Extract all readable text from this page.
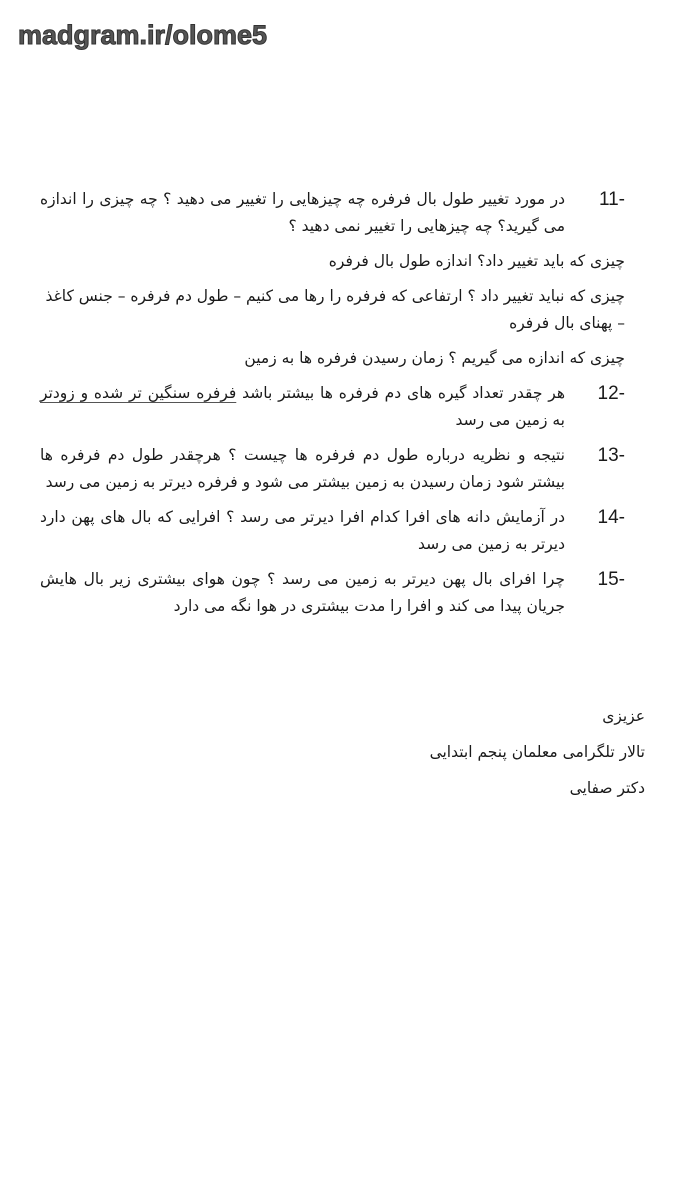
madgram.ir/olome5
11-
در مورد تغییر طول بال فرفره چه چیزهایی را تغییر می دهید ؟ چه چیزی را اندازه می گیرید؟ چه چیزهایی را تغییر نمی دهید ؟
چیزی که باید تغییر داد؟ اندازه طول بال فرفره
چیزی که نباید تغییر داد ؟ ارتفاعی که فرفره را رها می کنیم – طول دم فرفره – جنس کاغذ – پهنای بال فرفره
چیزی که اندازه می گیریم ؟ زمان رسیدن فرفره ها به زمین
12-
هر چقدر تعداد گیره های دم فرفره ها بیشتر باشد فرفره سنگین تر شده و زودتر به زمین می رسد
13-
نتیجه و نظریه درباره طول دم فرفره ها چیست ؟ هرچقدر طول دم فرفره ها بیشتر شود زمان رسیدن به زمین بیشتر می شود و فرفره دیرتر به زمین می رسد
14-
در آزمایش دانه های افرا کدام افرا دیرتر می رسد ؟ افرایی که بال های پهن دارد دیرتر به زمین می رسد
15-
چرا افرای بال پهن دیرتر به زمین می رسد ؟ چون هوای بیشتری زیر بال هایش جریان پیدا می کند و افرا را مدت بیشتری در هوا نگه می دارد
عزیزی
تالار تلگرامی معلمان پنجم ابتدایی
دکتر صفایی
